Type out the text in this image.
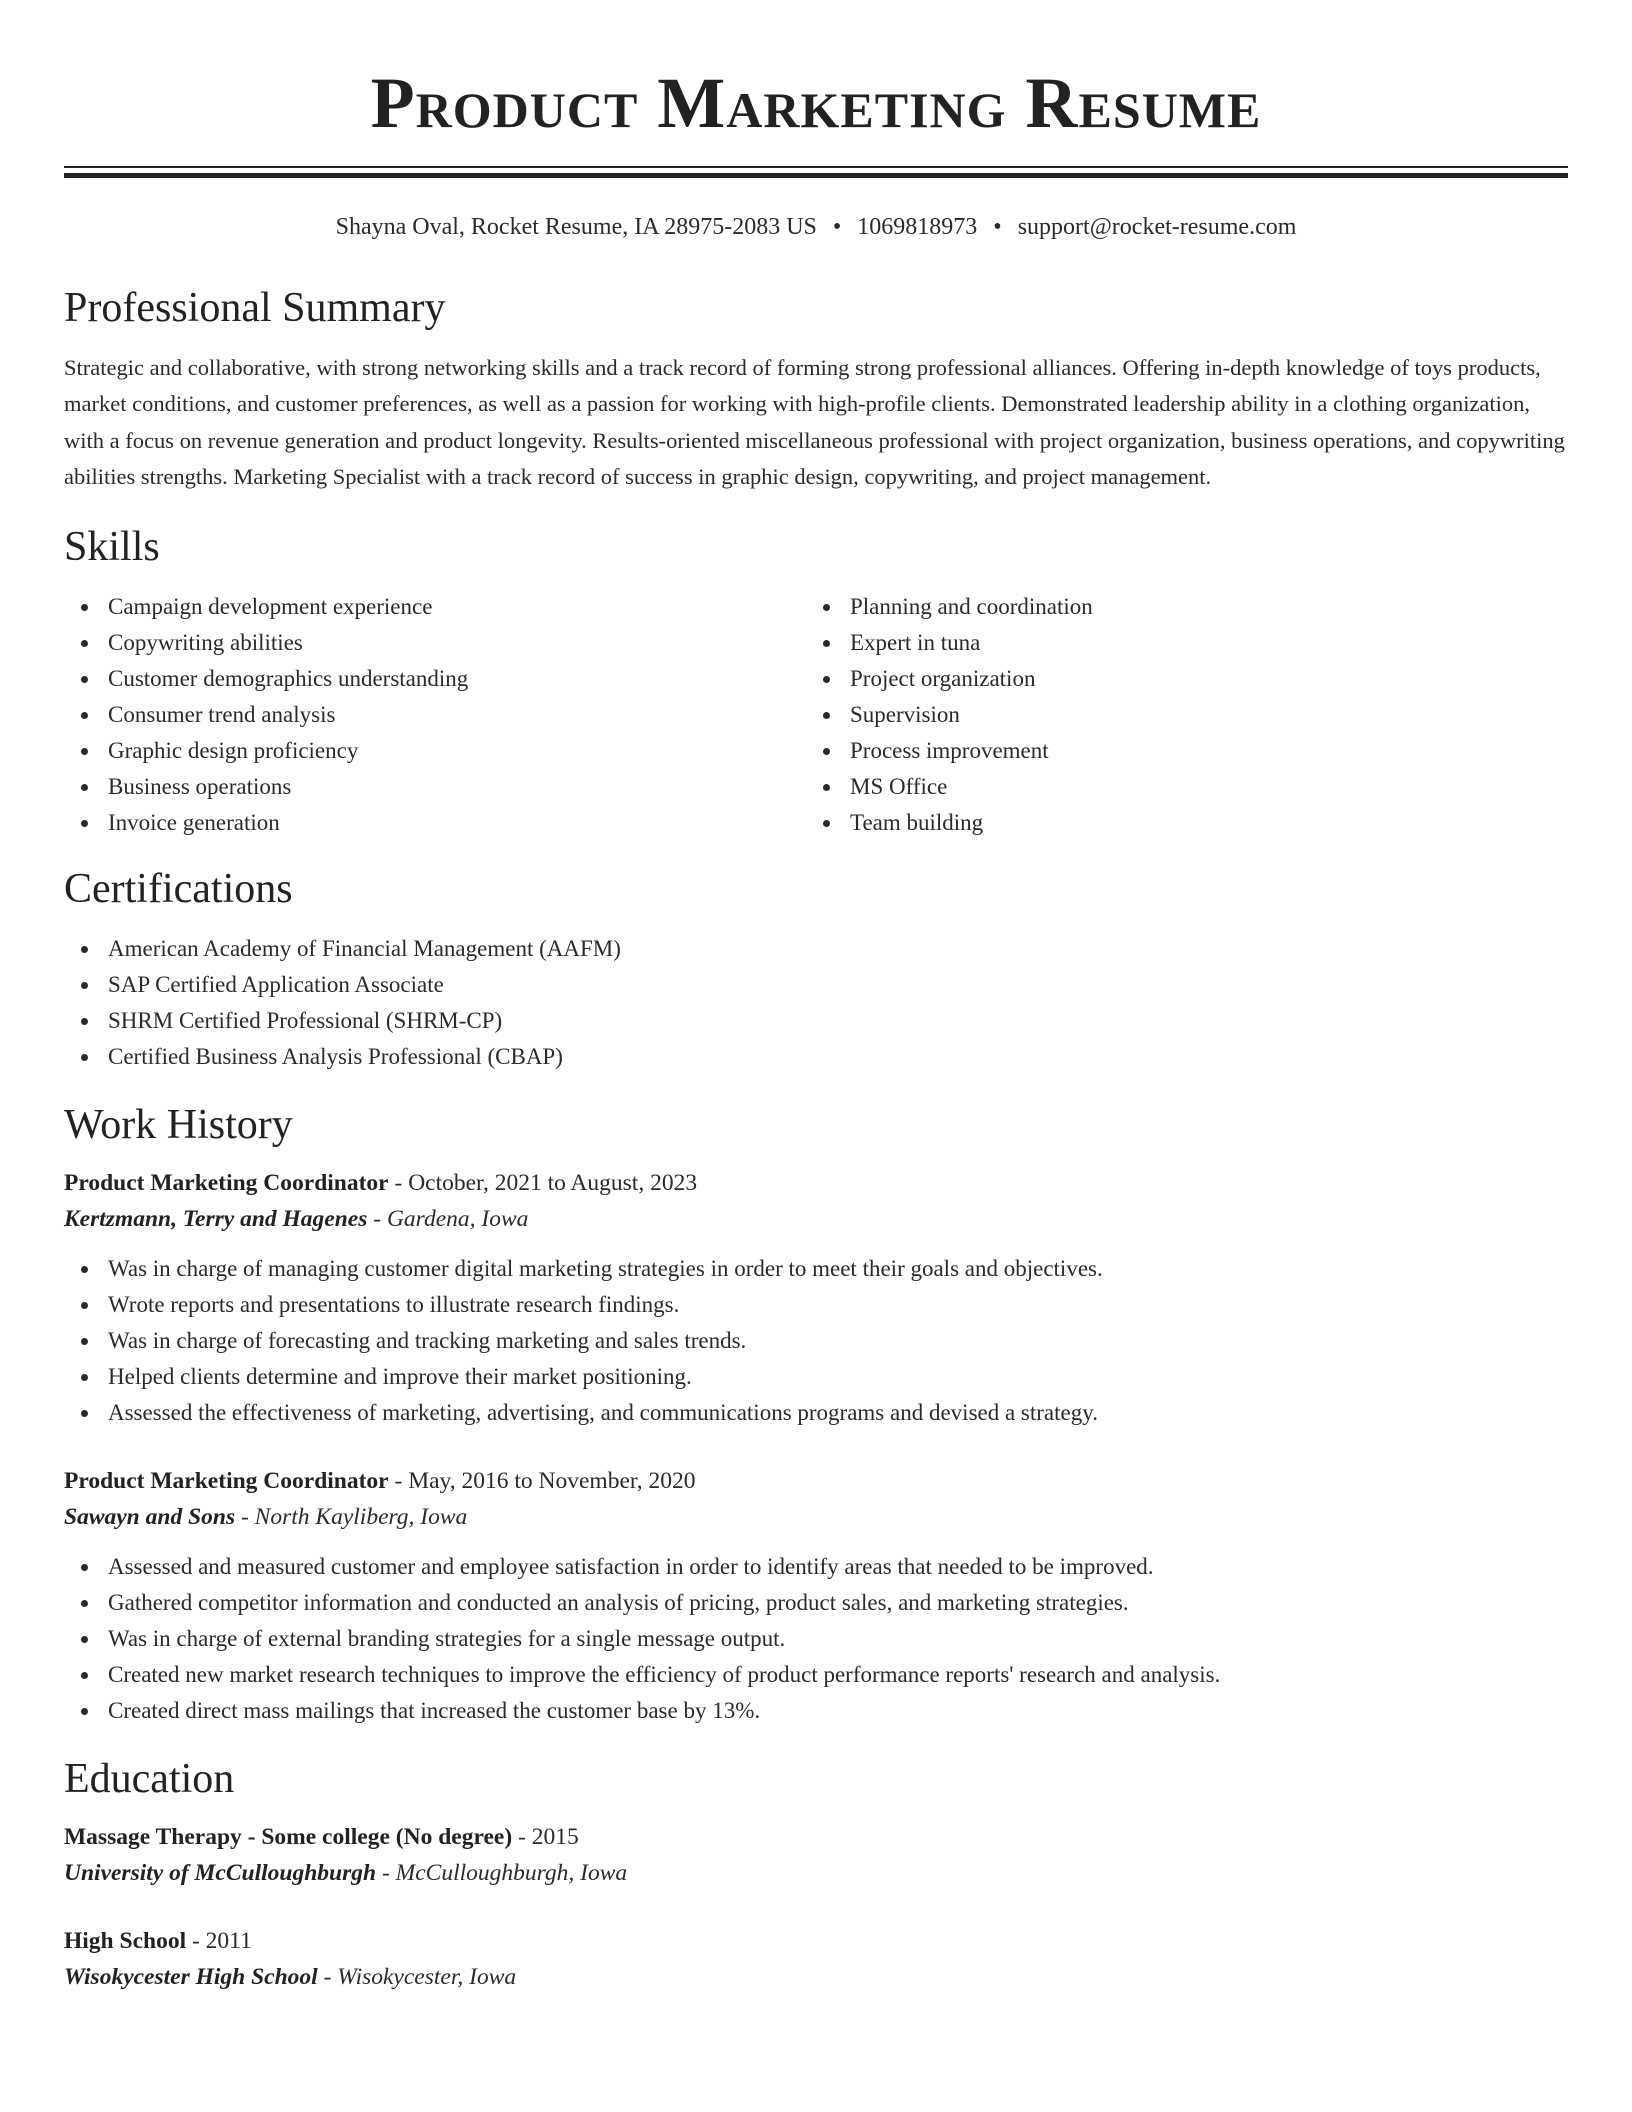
Product Marketing Resume
Shayna Oval, Rocket Resume, IA 28975-2083 US • 1069818973 • support@rocket-resume.com
Professional Summary

Strategic and collaborative, with strong networking skills and a track record of forming strong professional alliances. Offering in-depth knowledge of toys products, market conditions, and customer preferences, as well as a passion for working with high-profile clients. Demonstrated leadership ability in a clothing organization, with a focus on revenue generation and product longevity. Results-oriented miscellaneous professional with project organization, business operations, and copywriting abilities strengths. Marketing Specialist with a track record of success in graphic design, copywriting, and project management.

Skills
Campaign development experience
Copywriting abilities
Customer demographics understanding
Consumer trend analysis
Graphic design proficiency
Business operations
Invoice generation
Planning and coordination
Expert in tuna
Project organization
Supervision
Process improvement
MS Office
Team building
Certifications
American Academy of Financial Management (AAFM)
SAP Certified Application Associate
SHRM Certified Professional (SHRM-CP)
Certified Business Analysis Professional (CBAP)
Work History
Product Marketing Coordinator - October, 2021 to August, 2023
Kertzmann, Terry and Hagenes - Gardena, Iowa
Was in charge of managing customer digital marketing strategies in order to meet their goals and objectives.
Wrote reports and presentations to illustrate research findings.
Was in charge of forecasting and tracking marketing and sales trends.
Helped clients determine and improve their market positioning.
Assessed the effectiveness of marketing, advertising, and communications programs and devised a strategy.
Product Marketing Coordinator - May, 2016 to November, 2020
Sawayn and Sons - North Kayliberg, Iowa
Assessed and measured customer and employee satisfaction in order to identify areas that needed to be improved.
Gathered competitor information and conducted an analysis of pricing, product sales, and marketing strategies.
Was in charge of external branding strategies for a single message output.
Created new market research techniques to improve the efficiency of product performance reports' research and analysis.
Created direct mass mailings that increased the customer base by 13%.
Education
Massage Therapy - Some college (No degree) - 2015
University of McCulloughburgh - McCulloughburgh, Iowa
High School - 2011
Wisokycester High School - Wisokycester, Iowa
